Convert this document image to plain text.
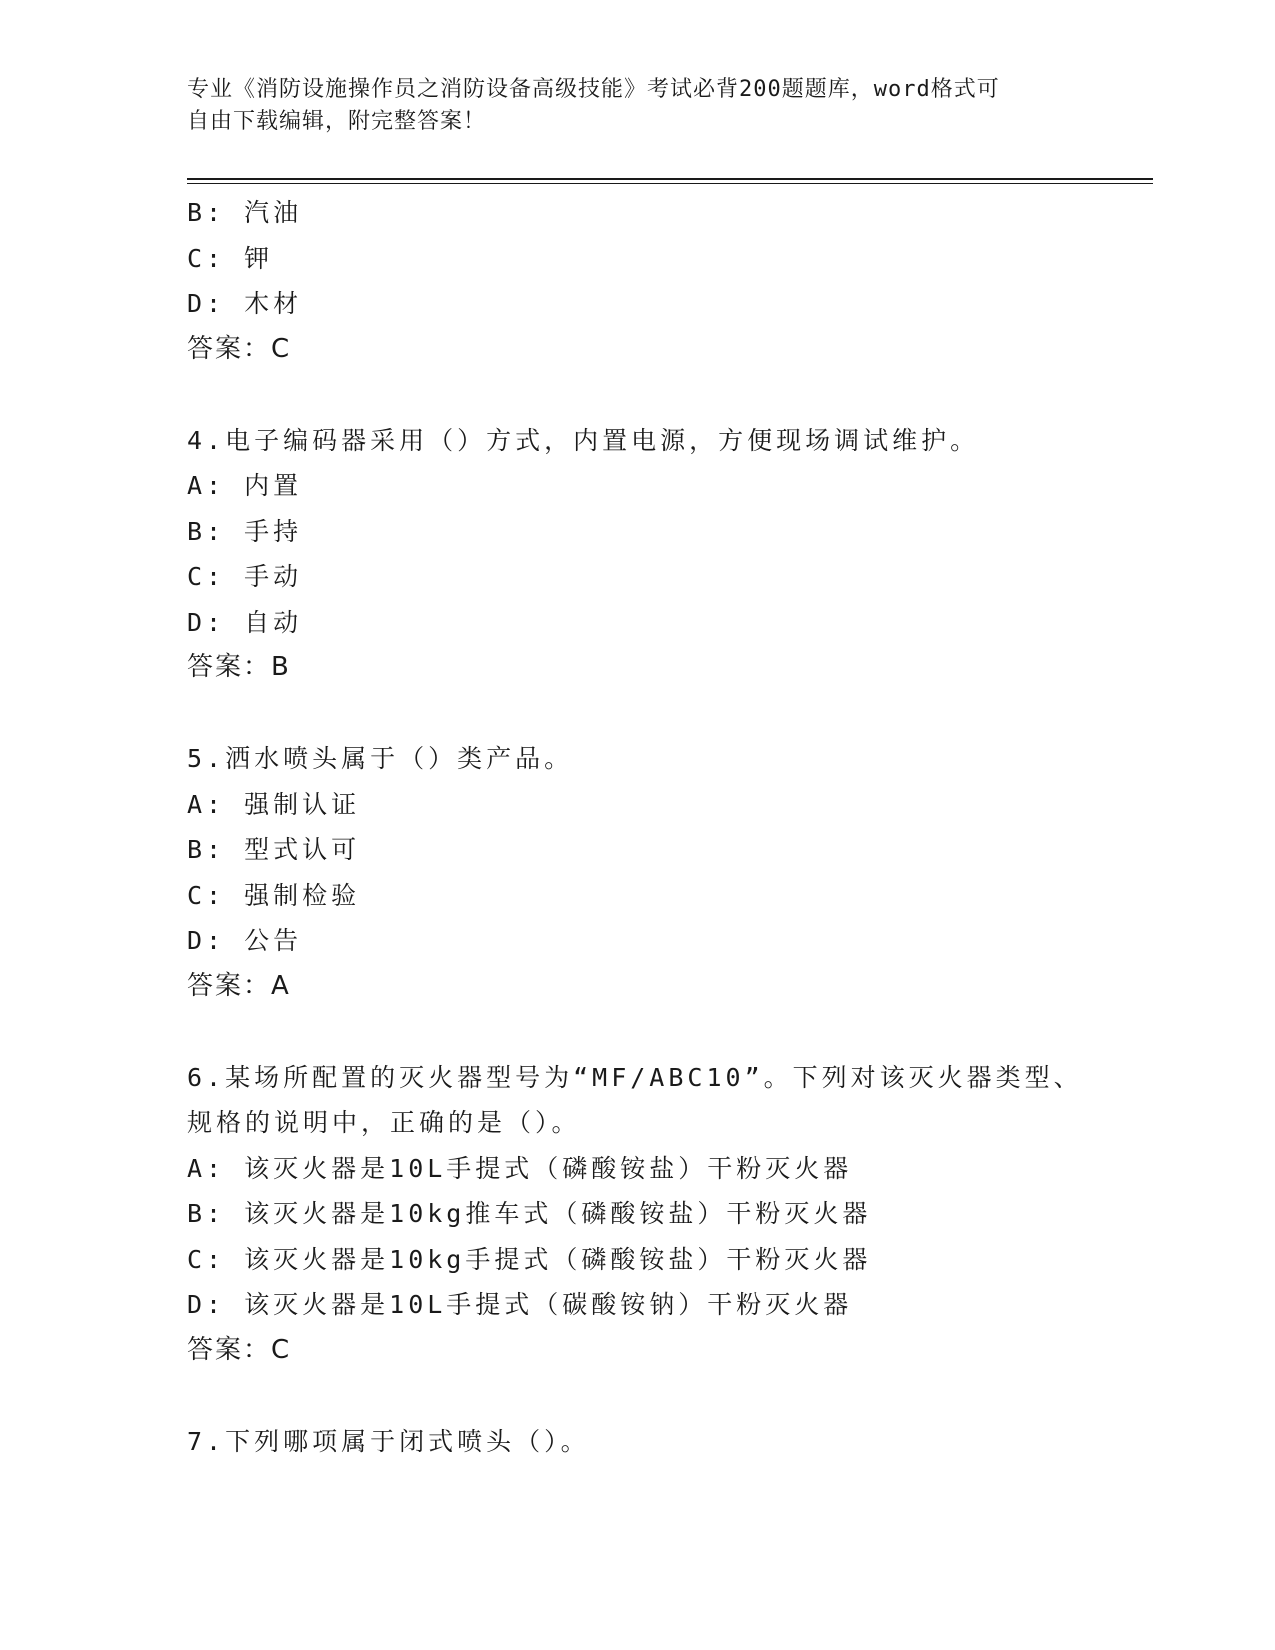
专业《消防设施操作员之消防设备高级技能》考试必背200题题库，word格式可
自由下载编辑，附完整答案！
B: 汽油
C: 钾
D: 木材
答案：C
4.电子编码器采用（）方式，内置电源，方便现场调试维护。
A: 内置
B: 手持
C: 手动
D: 自动
答案：B
5.洒水喷头属于（）类产品。
A: 强制认证
B: 型式认可
C: 强制检验
D: 公告
答案：A
6.某场所配置的灭火器型号为“MF/ABC10”。下列对该灭火器类型、
规格的说明中，正确的是（）。
A: 该灭火器是10L手提式（磷酸铵盐）干粉灭火器
B: 该灭火器是10kg推车式（磷酸铵盐）干粉灭火器
C: 该灭火器是10kg手提式（磷酸铵盐）干粉灭火器
D: 该灭火器是10L手提式（碳酸铵钠）干粉灭火器
答案：C
7.下列哪项属于闭式喷头（）。
